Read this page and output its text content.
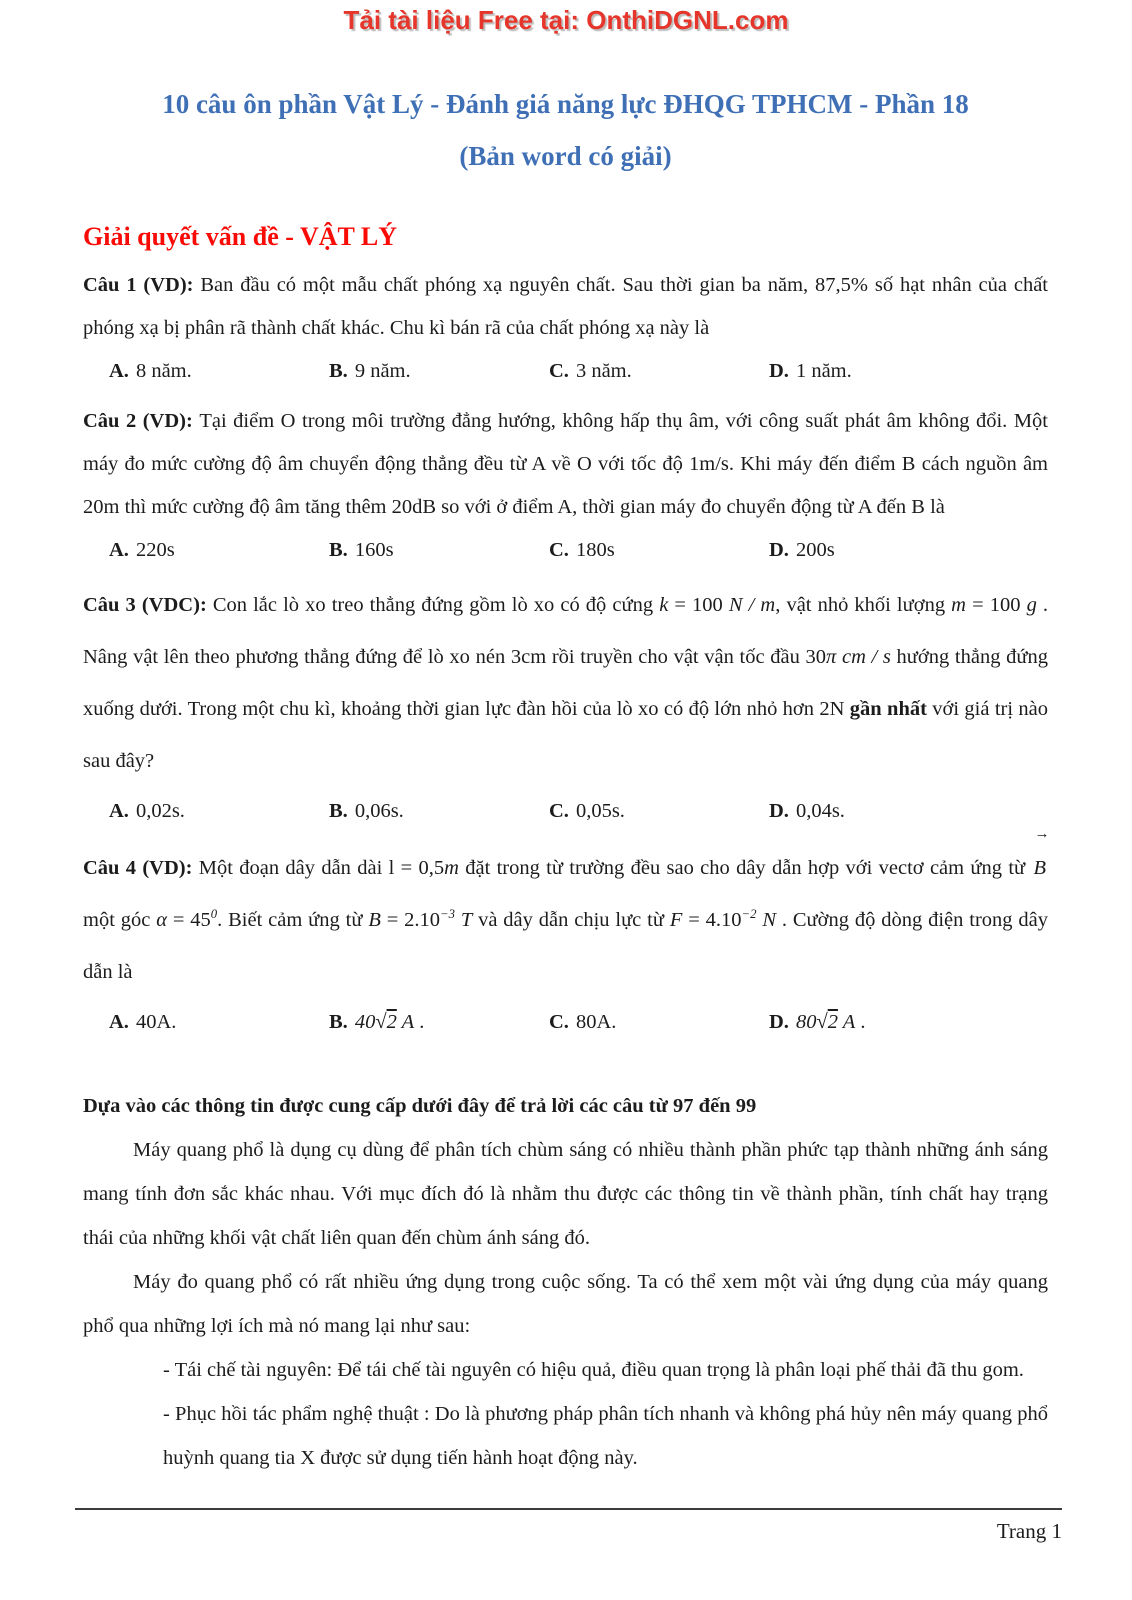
Tải tài liệu Free tại: OnthiDGNL.com
10 câu ôn phần Vật Lý - Đánh giá năng lực ĐHQG TPHCM - Phần 18
(Bản word có giải)
Giải quyết vấn đề - VẬT LÝ

Câu 1 (VD): Ban đầu có một mẫu chất phóng xạ nguyên chất. Sau thời gian ba năm, 87,5% số hạt nhân của chất phóng xạ bị phân rã thành chất khác. Chu kì bán rã của chất phóng xạ này là

A. 8 năm.	B. 9 năm.	C. 3 năm.	D. 1 năm.

Câu 2 (VD): Tại điểm O trong môi trường đẳng hướng, không hấp thụ âm, với công suất phát âm không đổi. Một máy đo mức cường độ âm chuyển động thẳng đều từ A về O với tốc độ 1m/s. Khi máy đến điểm B cách nguồn âm 20m thì mức cường độ âm tăng thêm 20dB so với ở điểm A, thời gian máy đo chuyển động từ A đến B là

A. 220s	B. 160s	C. 180s	D. 200s

Câu 3 (VDC): Con lắc lò xo treo thẳng đứng gồm lò xo có độ cứng k = 100 N / m, vật nhỏ khối lượng m = 100 g . Nâng vật lên theo phương thẳng đứng để lò xo nén 3cm rồi truyền cho vật vận tốc đầu 30π cm / s hướng thẳng đứng xuống dưới. Trong một chu kì, khoảng thời gian lực đàn hồi của lò xo có độ lớn nhỏ hơn 2N gần nhất với giá trị nào sau đây?

A. 0,02s.	B. 0,06s.	C. 0,05s.	D. 0,04s.

Câu 4 (VD): Một đoạn dây dẫn dài l = 0,5m đặt trong từ trường đều sao cho dây dẫn hợp với vectơ cảm ứng từ
→
B một góc $\alpha = 45^0$. Biết cảm ứng từ $B = 2.10^{-3}$ T và dây dẫn chịu lực từ $F = 4.10^{-2}$ N . Cường độ dòng điện trong dây dẫn là

A. 40A.	B. 40√2 A .	C. 80A.	D. 80√2 A .

Dựa vào các thông tin được cung cấp dưới đây để trả lời các câu từ 97 đến 99

Máy quang phổ là dụng cụ dùng để phân tích chùm sáng có nhiều thành phần phức tạp thành những ánh sáng mang tính đơn sắc khác nhau. Với mục đích đó là nhằm thu được các thông tin về thành phần, tính chất hay trạng thái của những khối vật chất liên quan đến chùm ánh sáng đó.

Máy đo quang phổ có rất nhiều ứng dụng trong cuộc sống. Ta có thể xem một vài ứng dụng của máy quang phổ qua những lợi ích mà nó mang lại như sau:

- Tái chế tài nguyên: Để tái chế tài nguyên có hiệu quả, điều quan trọng là phân loại phế thải đã thu gom.

- Phục hồi tác phẩm nghệ thuật : Do là phương pháp phân tích nhanh và không phá hủy nên máy quang phổ huỳnh quang tia X được sử dụng tiến hành hoạt động này.

Trang 1
